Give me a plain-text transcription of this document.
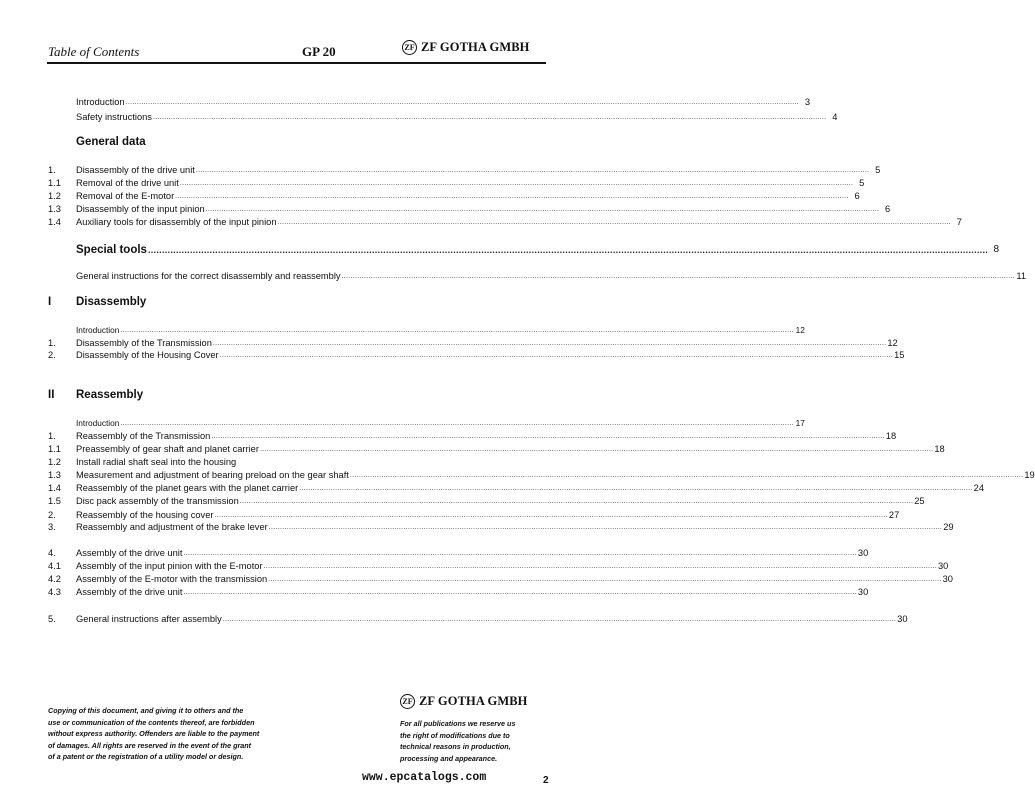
Table of Contents	GP 20	ZF ZF GOTHA GMBH
Introduction ............................................................................................................................................................................................................................................................................................................ 3
Safety instructions ............................................................................................................................................................................................................................................................................................................ 4
1.	Disassembly of the drive unit ............................................................................................................................................................................................................................................................................................................ 5
1.1	Removal of the drive unit ............................................................................................................................................................................................................................................................................................................ 5
1.2	Removal of the E-motor ............................................................................................................................................................................................................................................................................................................ 6
1.3	Disassembly of the input pinion ............................................................................................................................................................................................................................................................................................................ 6
1.4	Auxiliary tools for disassembly of the input pinion ............................................................................................................................................................................................................................................................................................................ 7
Special tools ............................................................................................................................................................................................................................................................................................................ 8
General instructions for the correct disassembly and reassembly ............................................................................................................................................................................................................................................................................................................ 11
Introduction ............................................................................................................................................................................................................................................................................................................ 12
1.	Disassembly of the Transmission ............................................................................................................................................................................................................................................................................................................ 12
2.	Disassembly of the Housing Cover ............................................................................................................................................................................................................................................................................................................ 15
Introduction ............................................................................................................................................................................................................................................................................................................ 17
1.	Reassembly of the Transmission ............................................................................................................................................................................................................................................................................................................ 18
1.1	Preassembly of gear shaft and planet carrier ............................................................................................................................................................................................................................................................................................................ 18
1.2	Install radial shaft seal into the housing
1.3	Measurement and adjustment of bearing preload on the gear shaft ............................................................................................................................................................................................................................................................................................................ 19
1.4	Reassembly of the planet gears with the planet carrier ............................................................................................................................................................................................................................................................................................................ 24
1.5	Disc pack assembly of the transmission ............................................................................................................................................................................................................................................................................................................ 25
2.	Reassembly of the housing cover ............................................................................................................................................................................................................................................................................................................ 27
3.	Reassembly and adjustment of the brake lever ............................................................................................................................................................................................................................................................................................................ 29
4.	Assembly of the drive unit ............................................................................................................................................................................................................................................................................................................ 30
4.1	Assembly of the input pinion with the E-motor ............................................................................................................................................................................................................................................................................................................ 30
4.2	Assembly of the E-motor with the transmission ............................................................................................................................................................................................................................................................................................................ 30
4.3	Assembly of the drive unit ............................................................................................................................................................................................................................................................................................................ 30
5.	General instructions after assembly ............................................................................................................................................................................................................................................................................................................ 30
General data
I Disassembly
II Reassembly
Copying of this document, and giving it to others and the
use or communication of the contents thereof, are forbidden
without express authority. Offenders are liable to the payment
of damages. All rights are reserved in the event of the grant
of a patent or the registration of a utility model or design.
ZF ZF GOTHA GMBH
For all publications we reserve us
the right of modifications due to
technical reasons in production,
processing and appearance.
www.epcatalogs.com	2
